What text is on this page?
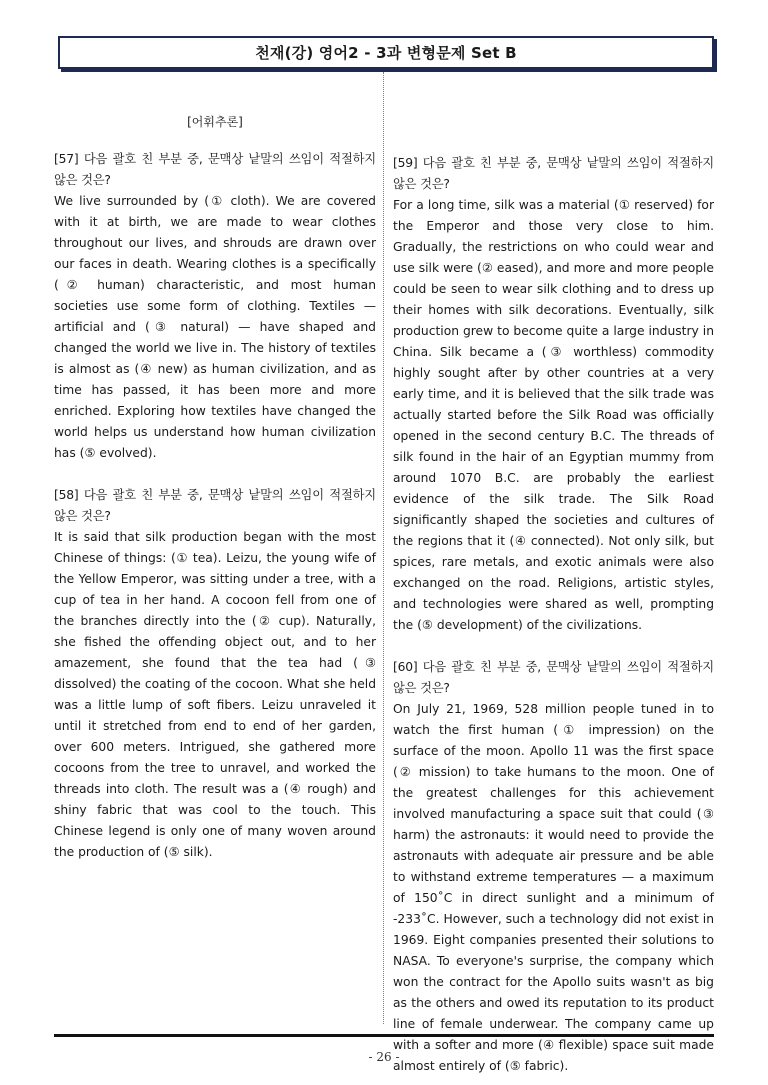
천재(강) 영어2 - 3과 변형문제 Set B
[어휘추론]
[57] 다음 괄호 친 부분 중, 문맥상 낱말의 쓰임이 적절하지 않은 것은?
We live surrounded by (① cloth). We are covered with it at birth, we are made to wear clothes throughout our lives, and shrouds are drawn over our faces in death. Wearing clothes is a specifically (② human) characteristic, and most human societies use some form of clothing. Textiles — artificial and (③ natural) — have shaped and changed the world we live in. The history of textiles is almost as (④ new) as human civilization, and as time has passed, it has been more and more enriched. Exploring how textiles have changed the world helps us understand how human civilization has (⑤ evolved).
[58] 다음 괄호 친 부분 중, 문맥상 낱말의 쓰임이 적절하지 않은 것은?
It is said that silk production began with the most Chinese of things: (① tea). Leizu, the young wife of the Yellow Emperor, was sitting under a tree, with a cup of tea in her hand. A cocoon fell from one of the branches directly into the (② cup). Naturally, she fished the offending object out, and to her amazement, she found that the tea had (③ dissolved) the coating of the cocoon. What she held was a little lump of soft fibers. Leizu unraveled it until it stretched from end to end of her garden, over 600 meters. Intrigued, she gathered more cocoons from the tree to unravel, and worked the threads into cloth. The result was a (④ rough) and shiny fabric that was cool to the touch. This Chinese legend is only one of many woven around the production of (⑤ silk).
[59] 다음 괄호 친 부분 중, 문맥상 낱말의 쓰임이 적절하지 않은 것은?
For a long time, silk was a material (① reserved) for the Emperor and those very close to him. Gradually, the restrictions on who could wear and use silk were (② eased), and more and more people could be seen to wear silk clothing and to dress up their homes with silk decorations. Eventually, silk production grew to become quite a large industry in China. Silk became a (③ worthless) commodity highly sought after by other countries at a very early time, and it is believed that the silk trade was actually started before the Silk Road was officially opened in the second century B.C. The threads of silk found in the hair of an Egyptian mummy from around 1070 B.C. are probably the earliest evidence of the silk trade. The Silk Road significantly shaped the societies and cultures of the regions that it (④ connected). Not only silk, but spices, rare metals, and exotic animals were also exchanged on the road. Religions, artistic styles, and technologies were shared as well, prompting the (⑤ development) of the civilizations.
[60] 다음 괄호 친 부분 중, 문맥상 낱말의 쓰임이 적절하지 않은 것은?
On July 21, 1969, 528 million people tuned in to watch the first human (① impression) on the surface of the moon. Apollo 11 was the first space (② mission) to take humans to the moon. One of the greatest challenges for this achievement involved manufacturing a space suit that could (③ harm) the astronauts: it would need to provide the astronauts with adequate air pressure and be able to withstand extreme temperatures — a maximum of 150˚C in direct sunlight and a minimum of -233˚C. However, such a technology did not exist in 1969. Eight companies presented their solutions to NASA. To everyone's surprise, the company which won the contract for the Apollo suits wasn't as big as the others and owed its reputation to its product line of female underwear. The company came up with a softer and more (④ flexible) space suit made almost entirely of (⑤ fabric).
- 26 -
